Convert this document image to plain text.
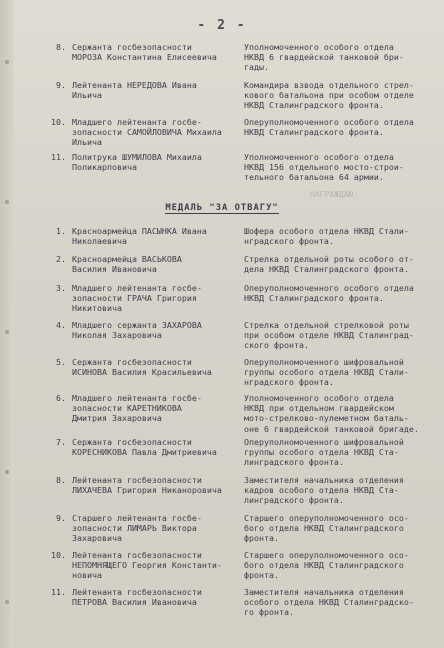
- 2 -
НАГРАЖДАЮ:
8. Сержанта госбезопасности
МОРОЗА Константина Елисеевича
Уполномоченного особого отдела
НКВД 6 гвардейской танковой бри-
гады.
9. Лейтенанта НЕРЕДОВА Ивана
Ильича
Командира взвода отдельного стрел-
кового батальона при особом отделе
НКВД Сталинградского фронта.
10. Младшего лейтенанта госбе-
зопасности САМОЙЛОВИЧА Михаила
Ильича
Оперуполномоченного особого отдела
НКВД Сталинградского фронта.
11. Политрука ШУМИЛОВА Михаила
Поликарповича
Уполномоченного особого отдела
НКВД 156 отдельного мосто-строи-
тельного батальона 64 армии.
МЕДАЛЬ "ЗА ОТВАГУ"
1. Красноармейца ПАСЫНКА Ивана
Николаевича
Шофера особого отдела НКВД Стали-
нградского фронта.
2. Красноармейца ВАСЬКОВА
Василия Ивановича
Стрелка отдельной роты особого от-
дела НКВД Сталинградского фронта.
3. Младшего лейтенанта госбе-
зопасности ГРАЧА Григория
Никитовича
Оперуполномоченного особого отдела
НКВД Сталинградского фронта.
4. Младшего сержанта ЗАХАРОВА
Николая Захаровича
Стрелка отдельной стрелковой роты
при особом отделе НКВД Сталинград-
ского фронта.
5. Сержанта госбезопасности
ИСИНОВА Василия Красильевича
Оперуполномоченного шифровальной
группы особого отдела НКВД Стали-
нградского фронта.
6. Младшего лейтенанта госбе-
зопасности КАРЕТНИКОВА
Дмитрия Захаровича
Уполномоченного особого отдела
НКВД при отдельном гвардейском
мото-стрелково-пулеметном баталь-
оне 6 гвардейской танковой бригаде.
7. Сержанта госбезопасности
КОРЕСНИКОВА Павла Дмитриевича
Оперуполномоченного шифровальной
группы особого отдела НКВД Ста-
линградского фронта.
8. Лейтенанта госбезопасности
ЛИХАЧЕВА Григория Никаноровича
Заместителя начальника отделения
кадров особого отдела НКВД Ста-
линградского фронта.
9. Старшего лейтенанта госбе-
зопасности ЛИМАРЬ Виктора
Захаровича
Старшего оперуполномоченного осо-
бого отдела НКВД Сталинградского
фронта.
10. Лейтенанта госбезопасности
НЕПОМНЯЩЕГО Георгия Константи-
новича
Старшего оперуполномоченного осо-
бого отдела НКВД Сталинградского
фронта.
11. Лейтенанта госбезопасности
ПЕТРОВА Василия Ивановича
Заместителя начальника отделения
особого отдела НКВД Сталинградско-
го фронта.
